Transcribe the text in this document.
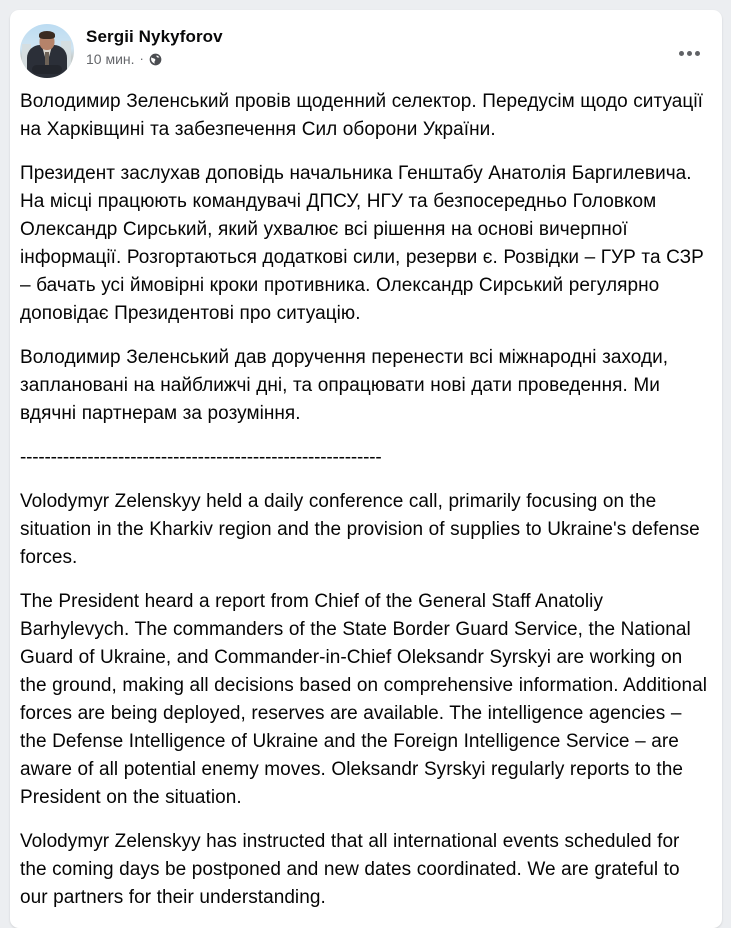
Sergii Nykyforov
10 мин. ·

Володимир Зеленський провів щоденний селектор. Передусім щодо ситуації на Харківщині та забезпечення Сил оборони України.

Президент заслухав доповідь начальника Генштабу Анатолія Баргилевича. На місці працюють командувачі ДПСУ, НГУ та безпосередньо Головком Олександр Сирський, який ухвалює всі рішення на основі вичерпної інформації. Розгортаються додаткові сили, резерви є. Розвідки – ГУР та СЗР – бачать усі ймовірні кроки противника. Олександр Сирський регулярно доповідає Президентові про ситуацію.

Володимир Зеленський дав доручення перенести всі міжнародні заходи, заплановані на найближчі дні, та опрацювати нові дати проведення. Ми вдячні партнерам за розуміння.

-----------------------------------------------------------

Volodymyr Zelenskyy held a daily conference call, primarily focusing on the situation in the Kharkiv region and the provision of supplies to Ukraine's defense forces.

The President heard a report from Chief of the General Staff Anatoliy Barhylevych. The commanders of the State Border Guard Service, the National Guard of Ukraine, and Commander-in-Chief Oleksandr Syrskyi are working on the ground, making all decisions based on comprehensive information. Additional forces are being deployed, reserves are available. The intelligence agencies – the Defense Intelligence of Ukraine and the Foreign Intelligence Service – are aware of all potential enemy moves. Oleksandr Syrskyi regularly reports to the President on the situation.

Volodymyr Zelenskyy has instructed that all international events scheduled for the coming days be postponed and new dates coordinated. We are grateful to our partners for their understanding.
